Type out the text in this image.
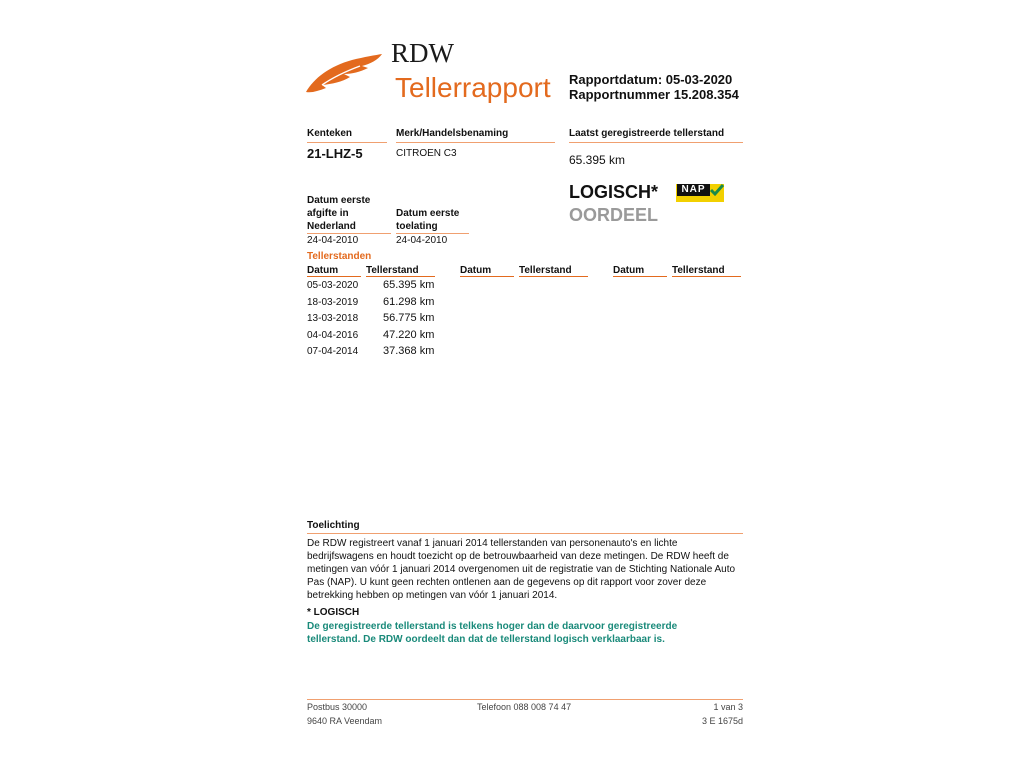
RDW
Tellerrapport Rapportdatum: 05-03-2020
Rapportnummer 15.208.354
Kenteken
21-LHZ-5
Merk/Handelsbenaming
CITROEN C3
Laatst geregistreerde tellerstand
65.395 km
LOGISCH*
OORDEEL
NAP
Datum eerste
afgifte in
Nederland
24-04-2010
Datum eerste
toelating
24-04-2010
Tellerstanden
Datum	Tellerstand	Datum	Tellerstand	Datum	Tellerstand
05-03-2020 65.395 km
18-03-2019 61.298 km
13-03-2018 56.775 km
04-04-2016 47.220 km
07-04-2014 37.368 km
Toelichting
De RDW registreert vanaf 1 januari 2014 tellerstanden van personenauto's en lichte
bedrijfswagens en houdt toezicht op de betrouwbaarheid van deze metingen. De RDW heeft de
metingen van vóór 1 januari 2014 overgenomen uit de registratie van de Stichting Nationale Auto
Pas (NAP). U kunt geen rechten ontlenen aan de gegevens op dit rapport voor zover deze
betrekking hebben op metingen van vóór 1 januari 2014.
* LOGISCH
De geregistreerde tellerstand is telkens hoger dan de daarvoor geregistreerde
tellerstand. De RDW oordeelt dan dat de tellerstand logisch verklaarbaar is.
Postbus 30000
9640 RA Veendam
Telefoon 088 008 74 47	1 van 3
3 E 1675d
